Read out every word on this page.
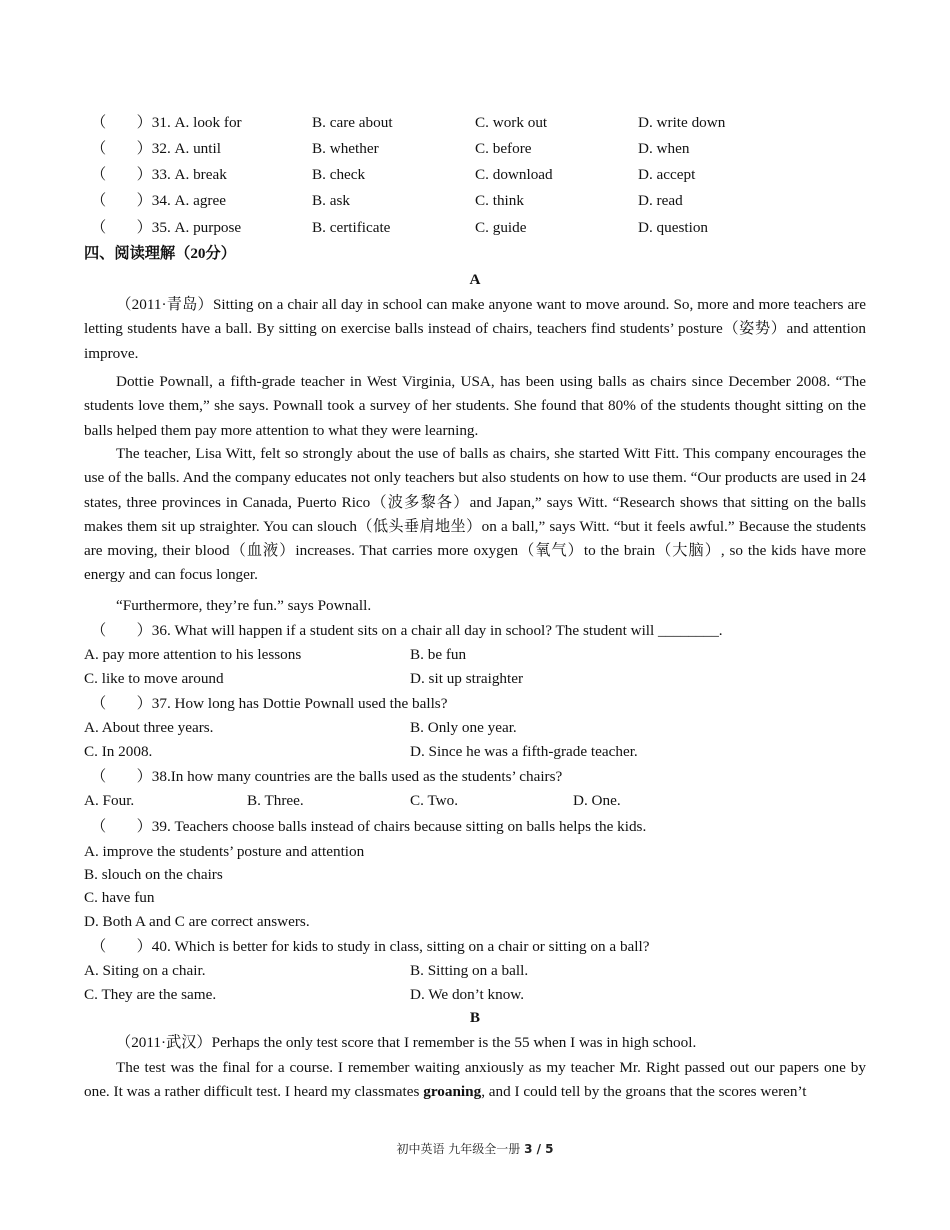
（　　）31. A. look for	B. care about	C. work out	D. write down
（　　）32. A. until	B. whether	C. before	D. when
（　　）33. A. break	B. check	C. download	D. accept
（　　）34. A. agree	B. ask	C. think	D. read
（　　）35. A. purpose	B. certificate	C. guide	D. question
四、阅读理解（20分）
A
（2011·青岛）Sitting on a chair all day in school can make anyone want to move around. So, more and more teachers are letting students have a ball. By sitting on exercise balls instead of chairs, teachers find students’ posture（姿势）and attention improve.
Dottie Pownall, a fifth-grade teacher in West Virginia, USA, has been using balls as chairs since December 2008. “The students love them,” she says. Pownall took a survey of her students. She found that 80% of the students thought sitting on the balls helped them pay more attention to what they were learning.
The teacher, Lisa Witt, felt so strongly about the use of balls as chairs, she started Witt Fitt. This company encourages the use of the balls. And the company educates not only teachers but also students on how to use them. “Our products are used in 24 states, three provinces in Canada, Puerto Rico（波多黎各）and Japan,” says Witt. “Research shows that sitting on the balls makes them sit up straighter. You can slouch（低头垂肩地坐）on a ball,” says Witt. “but it feels awful.” Because the students are moving, their blood（血液）increases. That carries more oxygen（氧气）to the brain（大脑）, so the kids have more energy and can focus longer.
“Furthermore, they’re fun.” says Pownall.
（　　）36. What will happen if a student sits on a chair all day in school? The student will ________.
A. pay more attention to his lessons	B. be fun
C. like to move around	D. sit up straighter
（　　）37. How long has Dottie Pownall used the balls?
A. About three years.	B. Only one year.
C. In 2008.	D. Since he was a fifth-grade teacher.
（　　）38.In how many countries are the balls used as the students’ chairs?
A. Four.	B. Three.	C. Two.	D. One.
（　　）39. Teachers choose balls instead of chairs because sitting on balls helps the kids.
A. improve the students’ posture and attention
B. slouch on the chairs
C. have fun
D. Both A and C are correct answers.
（　　）40. Which is better for kids to study in class, sitting on a chair or sitting on a ball?
A. Siting on a chair.	B. Sitting on a ball.
C. They are the same.	D. We don’t know.
B
（2011·武汉）Perhaps the only test score that I remember is the 55 when I was in high school.
The test was the final for a course. I remember waiting anxiously as my teacher Mr. Right passed out our papers one by one. It was a rather difficult test. I heard my classmates groaning, and I could tell by the groans that the scores weren’t
初中英语 九年级全一册 3 / 5
